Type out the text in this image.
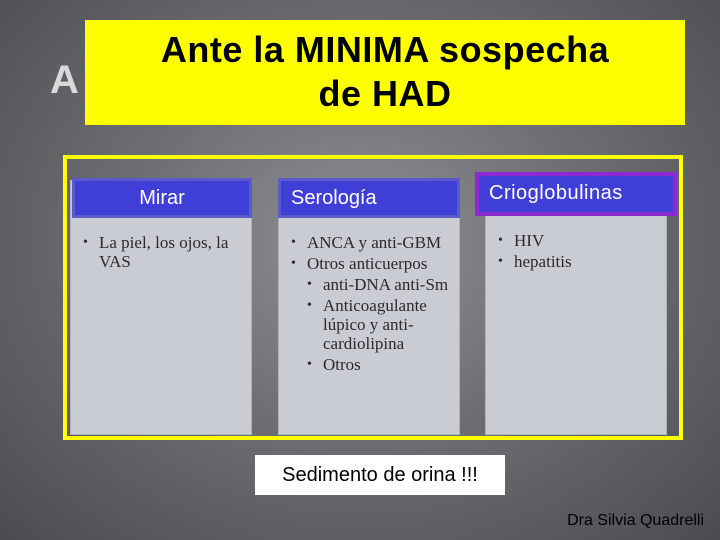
A
Ante la MINIMA sospecha
de HAD
• La piel, los ojos, la VAS
• ANCA y anti-GBM
• Otros anticuerpos
• anti-DNA anti-Sm
• Anticoagulante lúpico y anti-cardiolipina
• Otros
• HIV
• hepatitis
Mirar	Serología	Crioglobulinas
Sedimento de orina !!!
Dra Silvia Quadrelli
